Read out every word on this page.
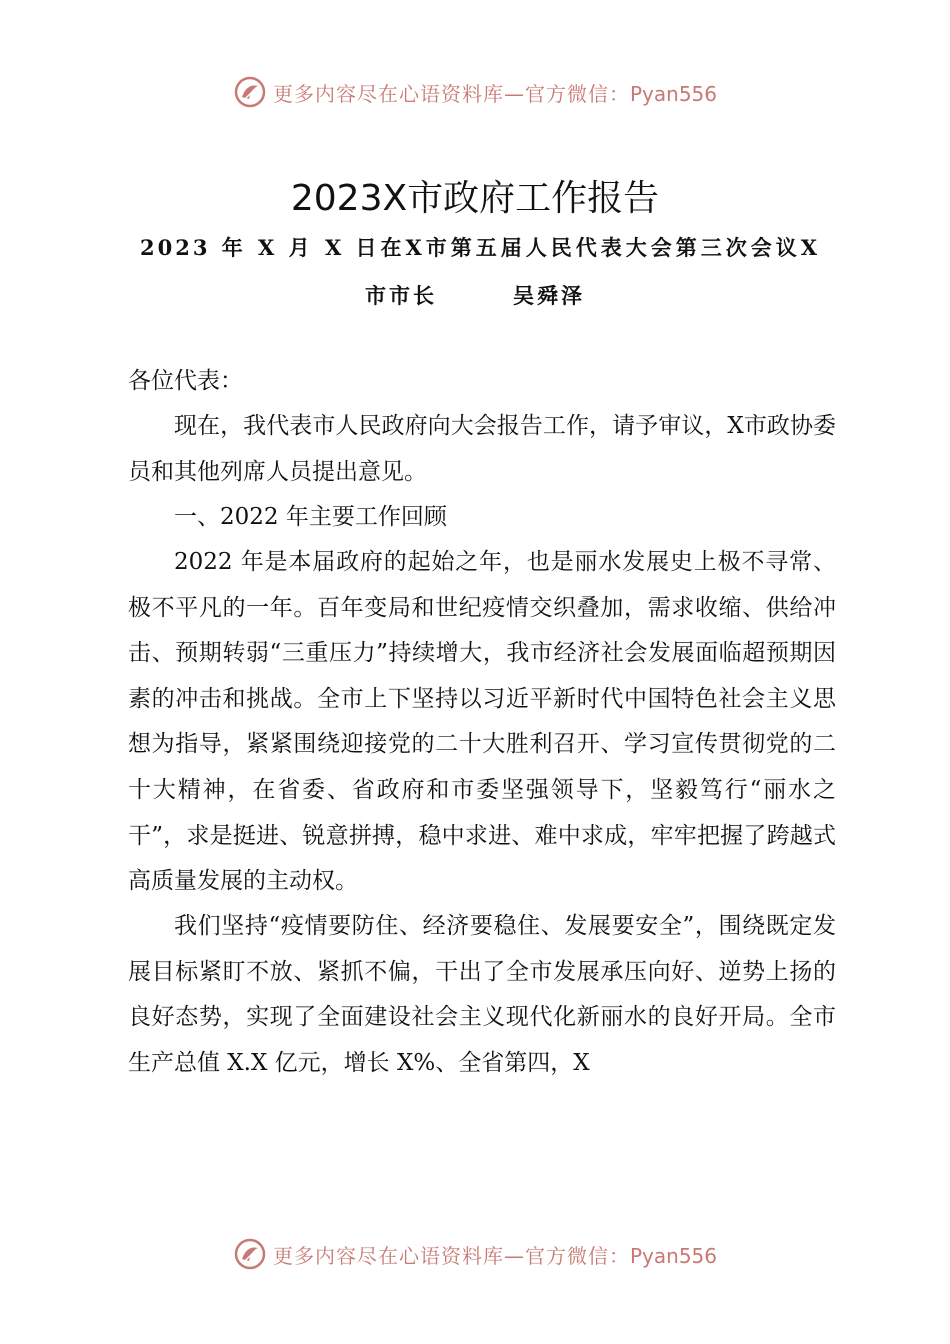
更多内容尽在心语资料库—官方微信：Pyan556
2023X市政府工作报告
2023 年 X 月 X 日在X市第五届人民代表大会第三次会议X
市市长	吴舜泽
各位代表：

现在，我代表市人民政府向大会报告工作，请予审议，X市政协委员和其他列席人员提出意见。

一、2022 年主要工作回顾

2022 年是本届政府的起始之年，也是丽水发展史上极不寻常、极不平凡的一年。百年变局和世纪疫情交织叠加，需求收缩、供给冲击、预期转弱“三重压力”持续增大，我市经济社会发展面临超预期因素的冲击和挑战。全市上下坚持以习近平新时代中国特色社会主义思想为指导，紧紧围绕迎接党的二十大胜利召开、学习宣传贯彻党的二十大精神，在省委、省政府和市委坚强领导下，坚毅笃行“丽水之干”，求是挺进、锐意拼搏，稳中求进、难中求成，牢牢把握了跨越式高质量发展的主动权。

我们坚持“疫情要防住、经济要稳住、发展要安全”，围绕既定发展目标紧盯不放、紧抓不偏，干出了全市发展承压向好、逆势上扬的良好态势，实现了全面建设社会主义现代化新丽水的良好开局。全市生产总值 X.X 亿元，增长 X%、全省第四，X

更多内容尽在心语资料库—官方微信：Pyan556
